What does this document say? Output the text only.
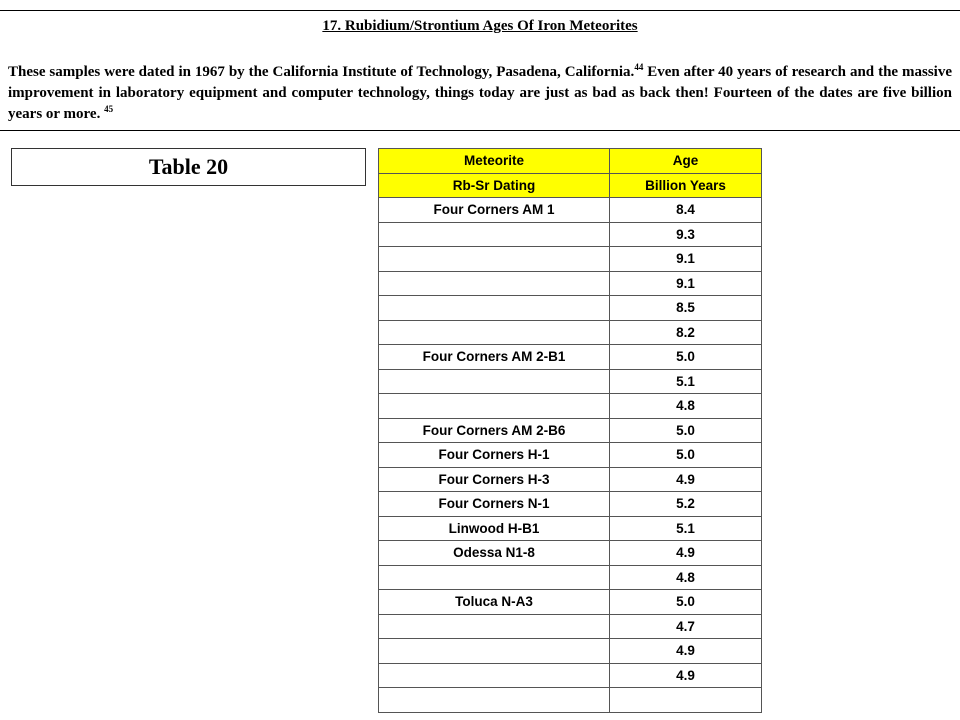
17. Rubidium/Strontium Ages Of Iron Meteorites

These samples were dated in 1967 by the California Institute of Technology, Pasadena, California.$^{44}$ Even after 40 years of research and the massive improvement in laboratory equipment and computer technology, things today are just as bad as back then! Fourteen of the dates are five billion years or more. $^{45}$

Table 20	Meteorite	Age
Rb-Sr Dating	Billion Years
Four Corners AM 1	8.4
	9.3
	9.1
	9.1
	8.5
	8.2
Four Corners AM 2-B1	5.0
	5.1
	4.8
Four Corners AM 2-B6	5.0
Four Corners H-1	5.0
Four Corners H-3	4.9
Four Corners N-1	5.2
Linwood H-B1	5.1
Odessa N1-8	4.9
	4.8
Toluca N-A3	5.0
	4.7
	4.9
	4.9
